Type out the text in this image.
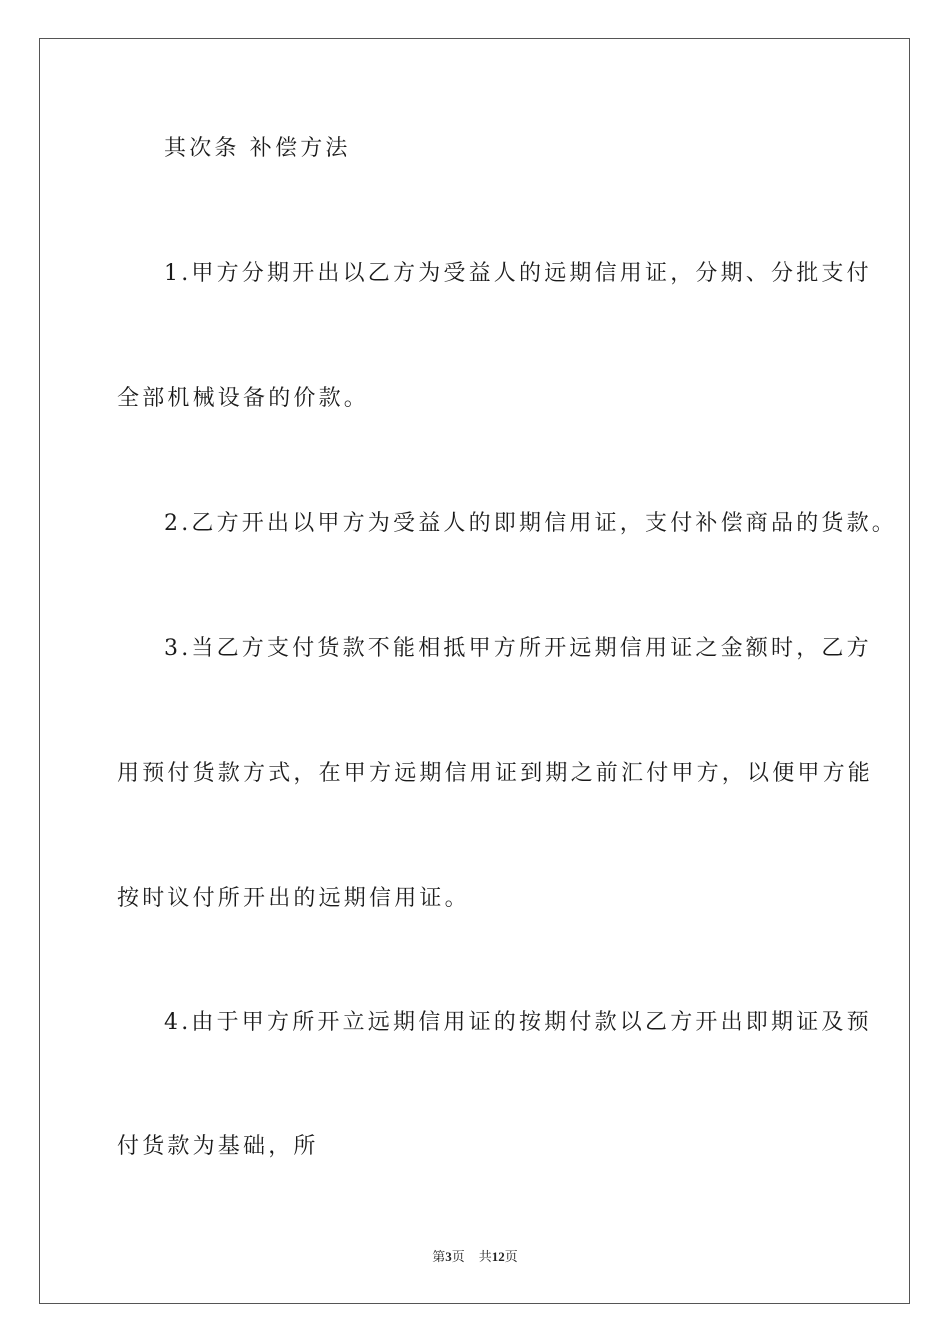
其次条 补偿方法
1.甲方分期开出以乙方为受益人的远期信用证，分期、分批支付
全部机械设备的价款。
2.乙方开出以甲方为受益人的即期信用证，支付补偿商品的货款。
3.当乙方支付货款不能相抵甲方所开远期信用证之金额时，乙方
用预付货款方式，在甲方远期信用证到期之前汇付甲方，以便甲方能
按时议付所开出的远期信用证。
4.由于甲方所开立远期信用证的按期付款以乙方开出即期证及预
付货款为基础，所
第3页 共12页
